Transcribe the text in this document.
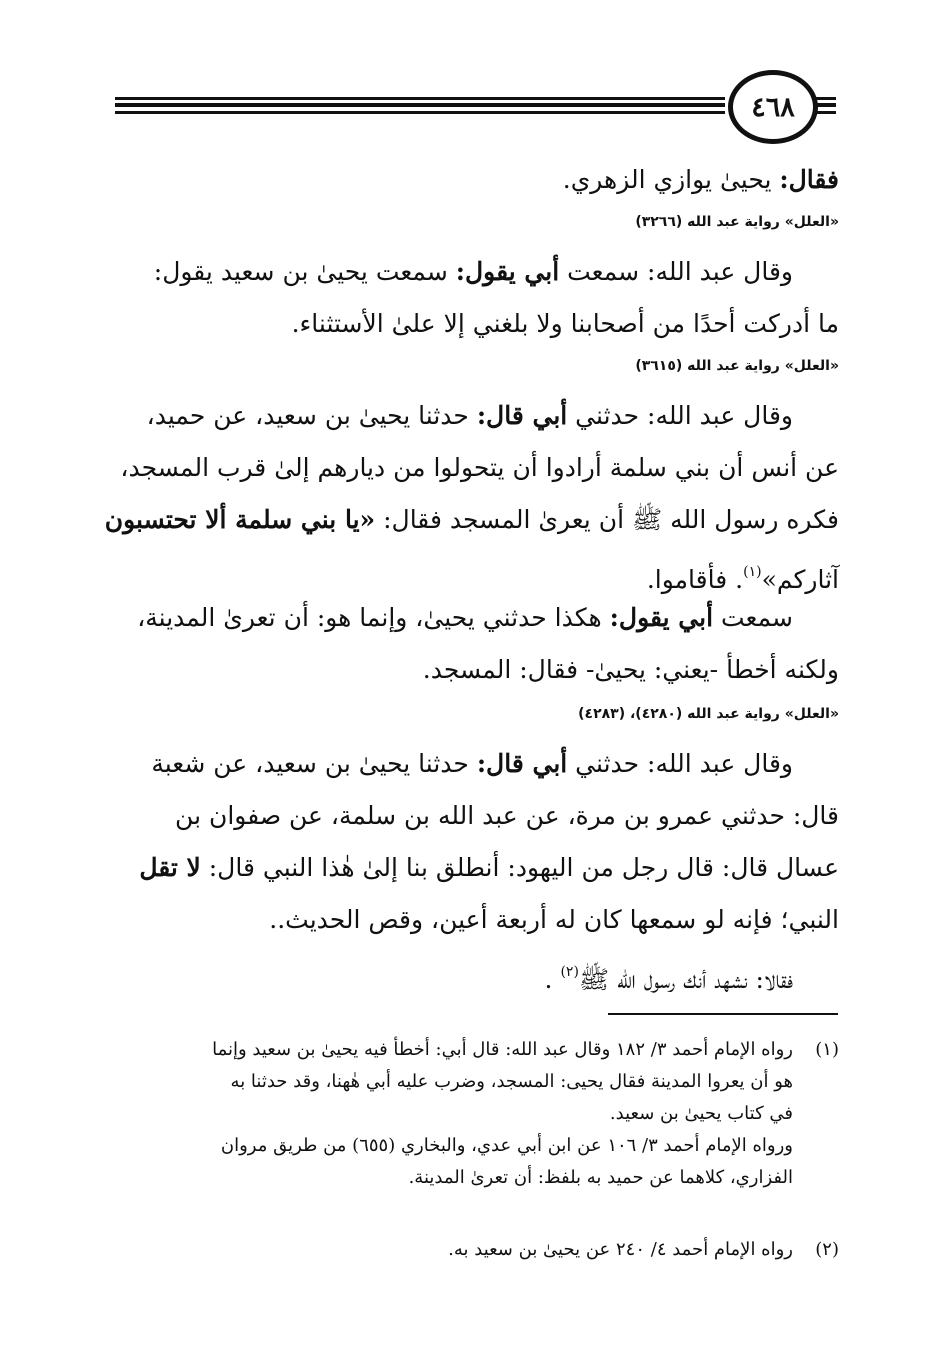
٤٦٨
فقال: يحيىٰ يوازي الزهري.
«العلل» رواية عبد الله (٣٢٦٦)
وقال عبد الله: سمعت أبي يقول: سمعت يحيىٰ بن سعيد يقول:
ما أدركت أحدًا من أصحابنا ولا بلغني إلا علىٰ الأستثناء.
«العلل» رواية عبد الله (٣٦١٥)
وقال عبد الله: حدثني أبي قال: حدثنا يحيىٰ بن سعيد، عن حميد،
عن أنس أن بني سلمة أرادوا أن يتحولوا من ديارهم إلىٰ قرب المسجد،
فكره رسول الله ﷺ أن يعرىٰ المسجد فقال: «يا بني سلمة ألا تحتسبون
آثاركم»$^{(١)}$. فأقاموا.
سمعت أبي يقول: هكذا حدثني يحيىٰ، وإنما هو: أن تعرىٰ المدينة،
ولكنه أخطأ -يعني: يحيىٰ- فقال: المسجد.
«العلل» رواية عبد الله (٤٢٨٠)، (٤٢٨٣)
وقال عبد الله: حدثني أبي قال: حدثنا يحيىٰ بن سعيد، عن شعبة
قال: حدثني عمرو بن مرة، عن عبد الله بن سلمة، عن صفوان بن
عسال قال: قال رجل من اليهود: أنطلق بنا إلىٰ هٰذا النبي قال: لا تقل
النبي؛ فإنه لو سمعها كان له أربعة أعين، وقص الحديث..
فقالا: نشهد أنك رسول الله ﷺ$^{(٢)}$ .
(١)رواه الإمام أحمد ٣/ ١٨٢ وقال عبد الله: قال أبي: أخطأ فيه يحيىٰ بن سعيد وإنما
هو أن يعروا المدينة فقال يحيى: المسجد، وضرب عليه أبي هٰهنا، وقد حدثنا به
في كتاب يحيىٰ بن سعيد.
ورواه الإمام أحمد ٣/ ١٠٦ عن ابن أبي عدي، والبخاري (٦٥٥) من طريق مروان
الفزاري، كلاهما عن حميد به بلفظ: أن تعرىٰ المدينة.
(٢)رواه الإمام أحمد ٤/ ٢٤٠ عن يحيىٰ بن سعيد به.
